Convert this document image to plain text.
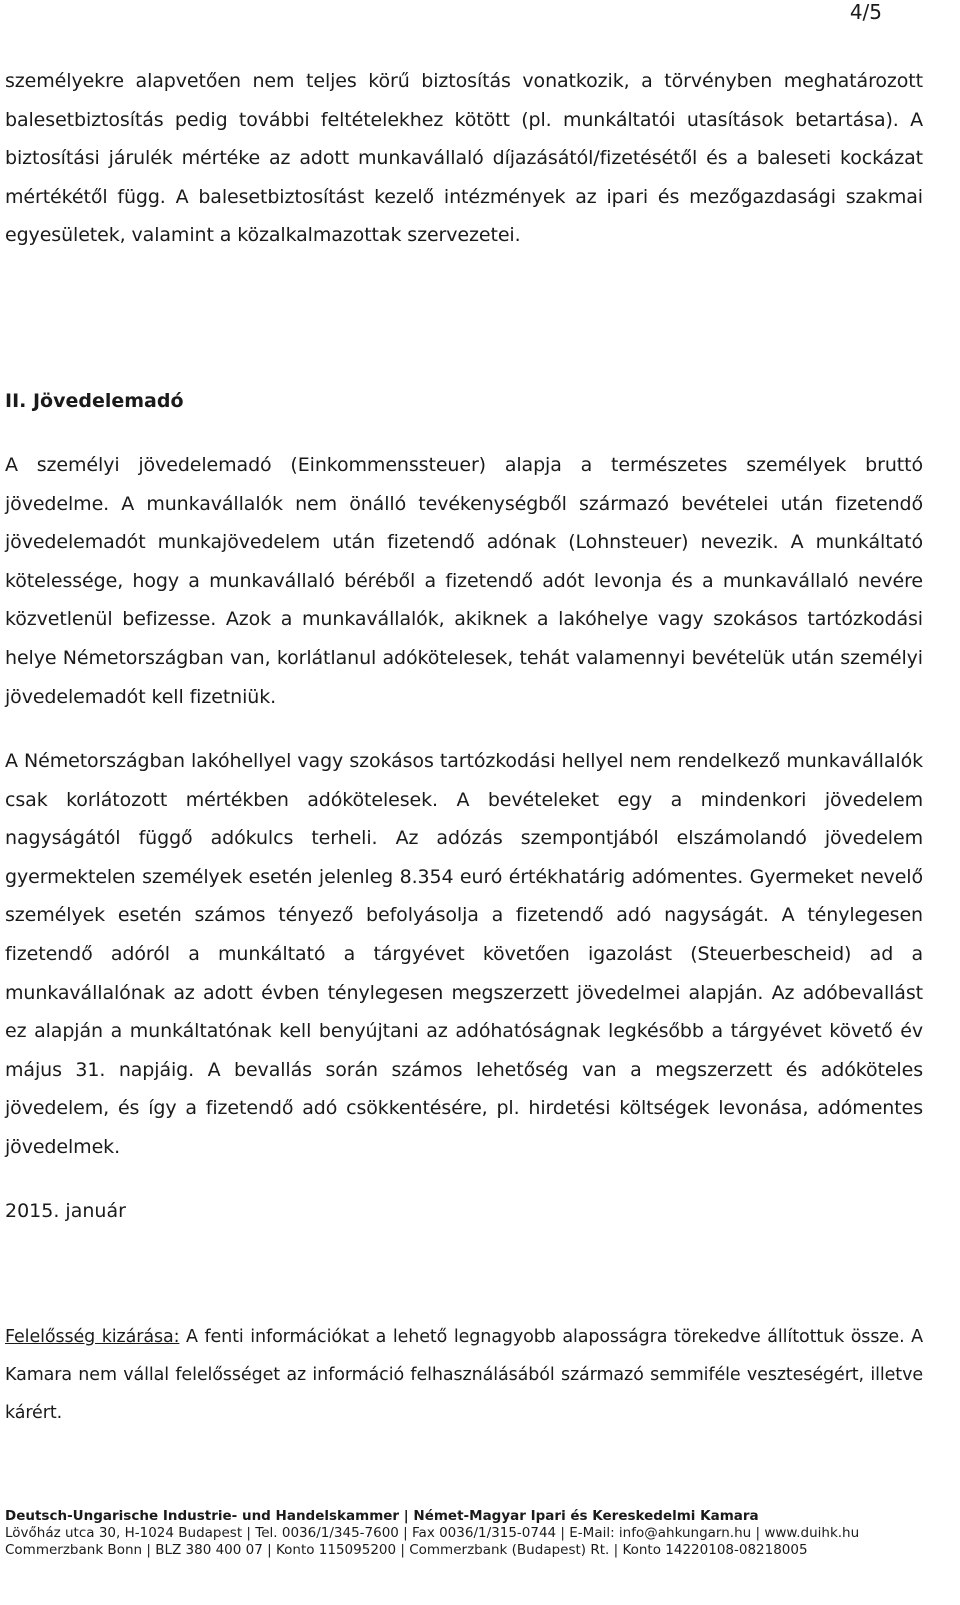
4/5

személyekre alapvetően nem teljes körű biztosítás vonatkozik, a törvényben meghatározott balesetbiztosítás pedig további feltételekhez kötött (pl. munkáltatói utasítások betartása). A biztosítási járulék mértéke az adott munkavállaló díjazásától/fizetésétől és a baleseti kockázat mértékétől függ. A balesetbiztosítást kezelő intézmények az ipari és mezőgazdasági szakmai egyesületek, valamint a közalkalmazottak szervezetei.

II. Jövedelemadó

A személyi jövedelemadó (Einkommenssteuer) alapja a természetes személyek bruttó jövedelme. A munkavállalók nem önálló tevékenységből származó bevételei után fizetendő jövedelemadót munkajövedelem után fizetendő adónak (Lohnsteuer) nevezik. A munkáltató kötelessége, hogy a munkavállaló béréből a fizetendő adót levonja és a munkavállaló nevére közvetlenül befizesse. Azok a munkavállalók, akiknek a lakóhelye vagy szokásos tartózkodási helye Németországban van, korlátlanul adókötelesek, tehát valamennyi bevételük után személyi jövedelemadót kell fizetniük.

A Németországban lakóhellyel vagy szokásos tartózkodási hellyel nem rendelkező munkavállalók csak korlátozott mértékben adókötelesek. A bevételeket egy a mindenkori jövedelem nagyságától függő adókulcs terheli. Az adózás szempontjából elszámolandó jövedelem gyermektelen személyek esetén jelenleg 8.354 euró értékhatárig adómentes. Gyermeket nevelő személyek esetén számos tényező befolyásolja a fizetendő adó nagyságát. A ténylegesen fizetendő adóról a munkáltató a tárgyévet követően igazolást (Steuerbescheid) ad a munkavállalónak az adott évben ténylegesen megszerzett jövedelmei alapján. Az adóbevallást ez alapján a munkáltatónak kell benyújtani az adóhatóságnak legkésőbb a tárgyévet követő év május 31. napjáig. A bevallás során számos lehetőség van a megszerzett és adóköteles jövedelem, és így a fizetendő adó csökkentésére, pl. hirdetési költségek levonása, adómentes jövedelmek.

2015. január

Felelősség kizárása: A fenti információkat a lehető legnagyobb alaposságra törekedve állítottuk össze. A Kamara nem vállal felelősséget az információ felhasználásából származó semmiféle veszteségért, illetve kárért.

Deutsch-Ungarische Industrie- und Handelskammer | Német-Magyar Ipari és Kereskedelmi Kamara
Lövőház utca 30, H-1024 Budapest | Tel. 0036/1/345-7600 | Fax 0036/1/315-0744 | E-Mail: info@ahkungarn.hu | www.duihk.hu
Commerzbank Bonn | BLZ 380 400 07 | Konto 115095200 | Commerzbank (Budapest) Rt. | Konto 14220108-08218005
